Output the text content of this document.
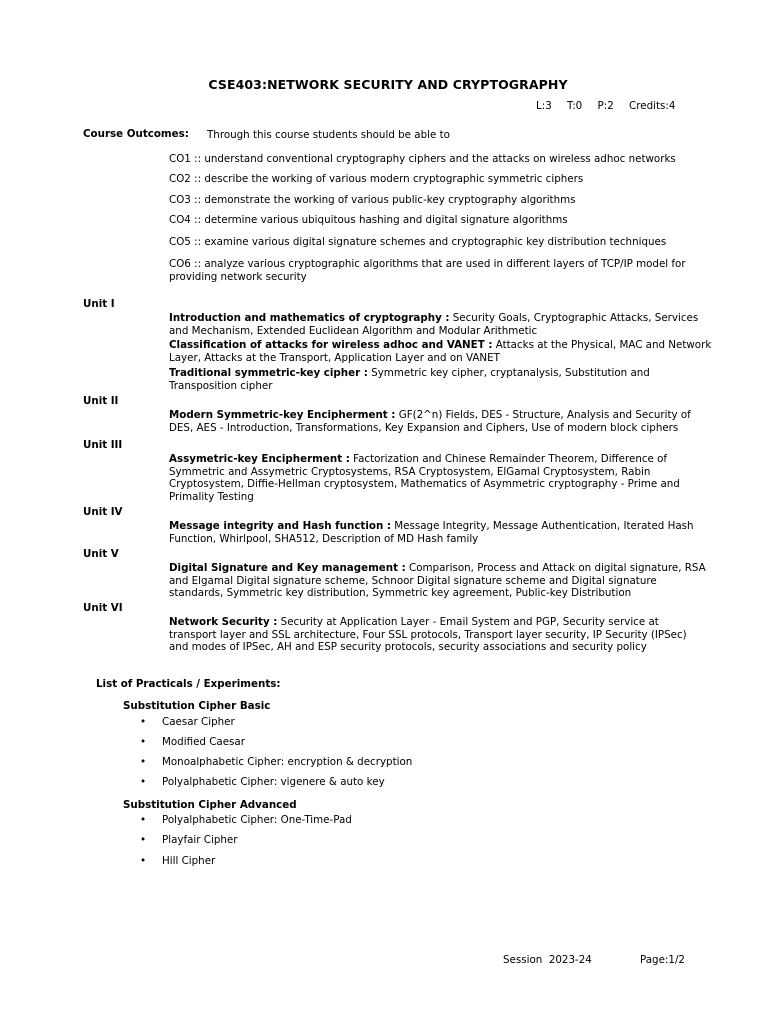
CSE403:NETWORK SECURITY AND CRYPTOGRAPHY
L:3 T:0 P:2 Credits:4
Course Outcomes: Through this course students should be able to
CO1 :: understand conventional cryptography ciphers and the attacks on wireless adhoc networks
CO2 :: describe the working of various modern cryptographic symmetric ciphers
CO3 :: demonstrate the working of various public-key cryptography algorithms
CO4 :: determine various ubiquitous hashing and digital signature algorithms
CO5 :: examine various digital signature schemes and cryptographic key distribution techniques
CO6 :: analyze various cryptographic algorithms that are used in different layers of TCP/IP model for providing network security
Unit I
Introduction and mathematics of cryptography : Security Goals, Cryptographic Attacks, Services and Mechanism, Extended Euclidean Algorithm and Modular Arithmetic
Classification of attacks for wireless adhoc and VANET : Attacks at the Physical, MAC and Network Layer, Attacks at the Transport, Application Layer and on VANET
Traditional symmetric-key cipher : Symmetric key cipher, cryptanalysis, Substitution and Transposition cipher
Unit II
Modern Symmetric-key Encipherment : GF(2^n) Fields, DES - Structure, Analysis and Security of DES, AES - Introduction, Transformations, Key Expansion and Ciphers, Use of modern block ciphers
Unit III
Assymetric-key Encipherment : Factorization and Chinese Remainder Theorem, Difference of Symmetric and Assymetric Cryptosystems, RSA Cryptosystem, ElGamal Cryptosystem, Rabin Cryptosystem, Diffie-Hellman cryptosystem, Mathematics of Asymmetric cryptography - Prime and Primality Testing
Unit IV
Message integrity and Hash function : Message Integrity, Message Authentication, Iterated Hash Function, Whirlpool, SHA512, Description of MD Hash family
Unit V
Digital Signature and Key management : Comparison, Process and Attack on digital signature, RSA and Elgamal Digital signature scheme, Schnoor Digital signature scheme and Digital signature standards, Symmetric key distribution, Symmetric key agreement, Public-key Distribution
Unit VI
Network Security : Security at Application Layer - Email System and PGP, Security service at transport layer and SSL architecture, Four SSL protocols, Transport layer security, IP Security (IPSec) and modes of IPSec, AH and ESP security protocols, security associations and security policy
List of Practicals / Experiments:
Substitution Cipher Basic
• Caesar Cipher
• Modified Caesar
• Monoalphabetic Cipher: encryption & decryption
• Polyalphabetic Cipher: vigenere & auto key
Substitution Cipher Advanced
• Polyalphabetic Cipher: One-Time-Pad
• Playfair Cipher
• Hill Cipher
Session  2023-24	Page:1/2
